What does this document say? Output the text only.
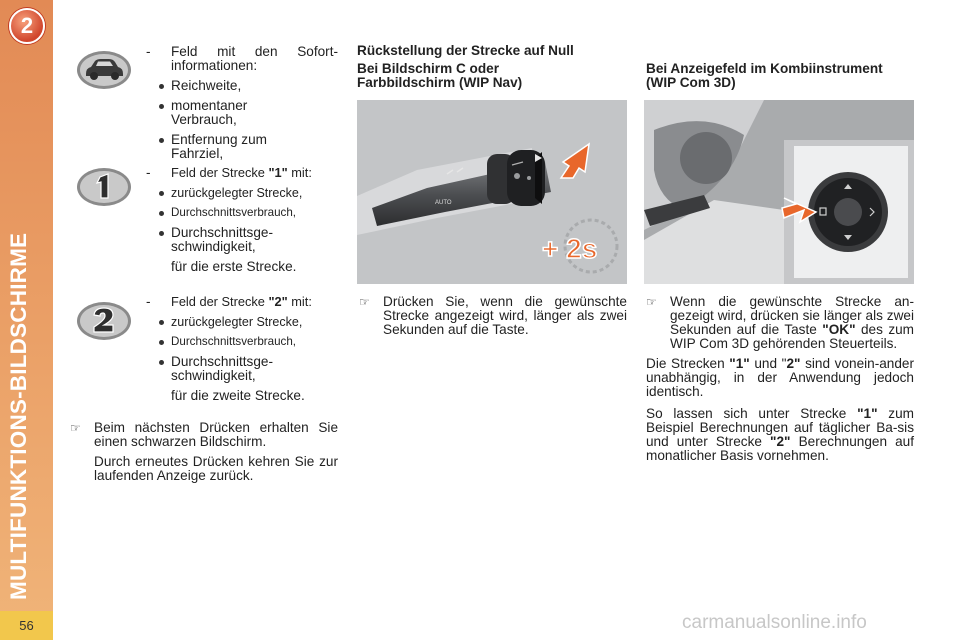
2
MULTIFUNKTIONS-BILDSCHIRME
56
-	Feld mit den Sofort-informationen:

Reichweite,
momentaner Verbrauch,
Entfernung zum Fahrziel,
-	Feld der Strecke "1" mit:

zurückgelegter Strecke,
Durchschnittsverbrauch,
Durchschnittsge-schwindigkeit,

für die erste Strecke.

-	Feld der Strecke "2" mit:

zurückgelegter Strecke,
Durchschnittsverbrauch,
Durchschnittsge-schwindigkeit,

für die zweite Strecke.

☞ Beim nächsten Drücken erhalten Sie einen schwarzen Bildschirm.

Durch erneutes Drücken kehren Sie zur laufenden Anzeige zurück.

Rückstellung der Strecke auf Null
Bei Bildschirm C oder Farbbildschirm (WIP Nav)
AUTO
+ 2s
☞ Drücken Sie, wenn die gewünschte Strecke angezeigt wird, länger als zwei Sekunden auf die Taste.

Bei Anzeigefeld im Kombiinstrument (WIP Com 3D)
☞ Wenn die gewünschte Strecke an-gezeigt wird, drücken sie länger als zwei Sekunden auf die Taste "OK" des zum WIP Com 3D gehörenden Steuerteils.

Die Strecken "1" und "2" sind vonein-ander unabhängig, in der Anwendung jedoch identisch.

So lassen sich unter Strecke "1" zum Beispiel Berechnungen auf täglicher Ba-sis und unter Strecke "2" Berechnungen auf monatlicher Basis vornehmen.

carmanualsonline.info
